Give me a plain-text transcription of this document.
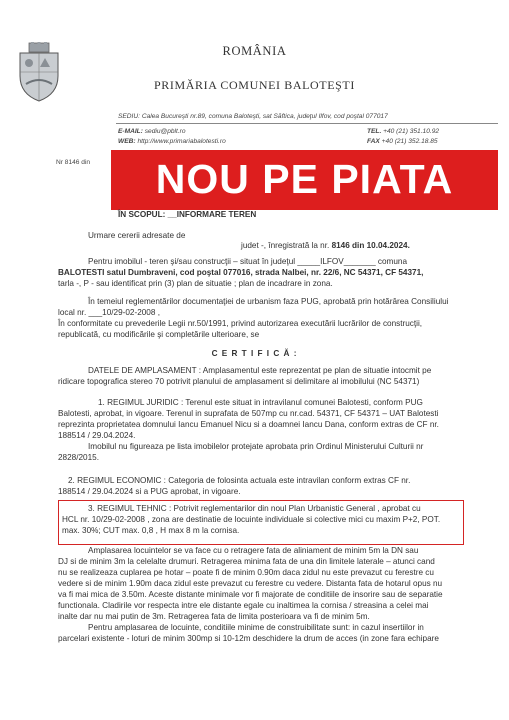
ROMÂNIA
PRIMĂRIA COMUNEI BALOTEŞTI
SEDIU: Calea Bucureşti nr.89, comuna Baloteşti, sat Săftica, judeţul Ilfov, cod poştal 077017
E-MAIL: sediu@pblt.ro
WEB: http://www.primariabalotesti.ro
TEL. +40 (21) 351.10.92
FAX +40 (21) 352.18.85
Nr 8146 din	NOU PE PIATA
ÎN SCOPUL: __INFORMARE TEREN
Urmare cererii adresate de
judet -, înregistrată la nr. 8146 din 10.04.2024.
Pentru imobilul - teren şi/sau construcţii – situat în judeţul _____ILFOV_______ comuna
BALOTESTI satul Dumbraveni, cod poştal 077016, strada Nalbei, nr. 22/6, NC 54371, CF 54371,
tarla -, P - sau identificat prin (3) plan de situatie ; plan de incadrare in zona.
În temeiul reglementărilor documentaţiei de urbanism faza PUG, aprobată prin hotărârea Consiliului
local nr. ___10/29-02-2008 ,
În conformitate cu prevederile Legii nr.50/1991, privind autorizarea executării lucrărilor de construcţii,
republicată, cu modificările şi completările ulterioare, se
C E R T I F I C Ă :
DATELE DE AMPLASAMENT : Amplasamentul este reprezentat pe plan de situatie intocmit pe
ridicare topografica stereo 70 potrivit planului de amplasament si delimitare al imobilului (NC 54371)
1. REGIMUL JURIDIC : Terenul este situat in intravilanul comunei Balotesti, conform PUG
Balotesti, aprobat, in vigoare. Terenul in suprafata de 507mp cu nr.cad. 54371, CF 54371 – UAT Balotesti
reprezinta proprietatea domnului Iancu Emanuel Nicu si a doamnei Iancu Dana, conform extras de CF nr.
188514 / 29.04.2024.
Imobilul nu figureaza pe lista imobilelor protejate aprobata prin Ordinul Ministerului Culturii nr
2828/2015.
2. REGIMUL ECONOMIC : Categoria de folosinta actuala este intravilan conform extras CF nr.
188514 / 29.04.2024 si a PUG aprobat, in vigoare.
3. REGIMUL TEHNIC : Potrivit reglementarilor din noul Plan Urbanistic General , aprobat cu
HCL nr. 10/29-02-2008 , zona are destinatie de locuinte individuale si colective mici cu maxim P+2, POT.
max. 30%; CUT max. 0,8 , H max 8 m la cornisa.
Amplasarea locuintelor se va face cu o retragere fata de aliniament de minim 5m la DN sau
DJ si de minim 3m la celelalte drumuri. Retragerea minima fata de una din limitele laterale – atunci cand
nu se realizeaza cuplarea pe hotar – poate fi de minim 0.90m daca zidul nu este prevazut cu ferestre cu
vedere si de minim 1.90m daca zidul este prevazut cu ferestre cu vedere. Distanta fata de hotarul opus nu
va fi mai mica de 3.50m. Aceste distante minimale vor fi majorate de conditiile de insorire sau de separatie
functionala. Cladirile vor respecta intre ele distante egale cu inaltimea la cornisa / streasina a celei mai
inalte dar nu mai putin de 3m. Retragerea fata de limita posterioara va fi de minim 5m.
Pentru amplasarea de locuinte, conditiile minime de construibilitate sunt: in cazul insertiilor in
parcelari existente - loturi de minim 300mp si 10-12m deschidere la drum de acces (in zone fara echipare
